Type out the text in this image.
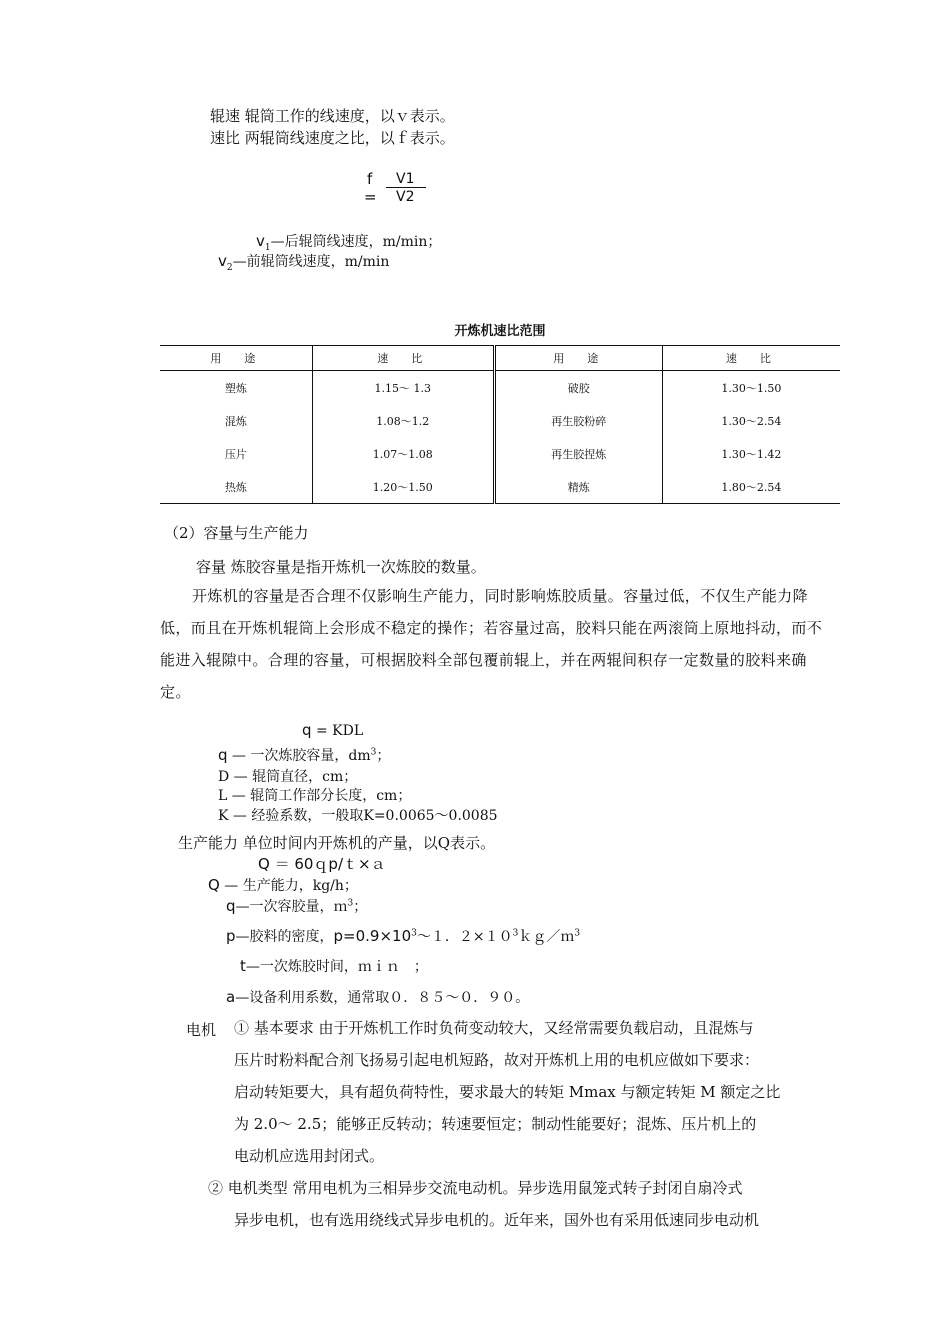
辊速 辊筒工作的线速度，以ｖ表示。
速比 两辊筒线速度之比，以ｆ表示。
f
=
V1
V2
$v_1—$后辊筒线速度，m/min；
$v_2—$前辊筒线速度，m/min
开炼机速比范围
用　途	速　比	用　途	速　比
塑炼	1.15～ 1.3	破胶	1.30～1.50
混炼	1.08～1.2	再生胶粉碎	1.30～2.54
压片	1.07～1.08	再生胶捏炼	1.30～1.42
热炼	1.20～1.50	精炼	1.80～2.54
（2）容量与生产能力
容量 炼胶容量是指开炼机一次炼胶的数量。

开炼机的容量是否合理不仅影响生产能力，同时影响炼胶质量。容量过低，不仅生产能力降低，而且在开炼机辊筒上会形成不稳定的操作；若容量过高，胶料只能在两滚筒上原地抖动，而不能进入辊隙中。合理的容量，可根据胶料全部包覆前辊上，并在两辊间积存一定数量的胶料来确定。

q = KDL
q — 一次炼胶容量，$dm^3$；
D — 辊筒直径，cm；
L — 辊筒工作部分长度，cm；
K — 经验系数，一般取K=0.0065～0.0085
生产能力 单位时间内开炼机的产量，以Q表示。
Q ＝ 60ｑp/ｔ×ａ
Q — 生产能力，kg/h；
q—一次容胶量，ｍ$^3$；
p—胶料的密度，$p=0.9\times 10^3\sim 1$．$2\times 10^3kg/m^3$
t—一次炼胶时间，ｍｉｎ　；
a—设备利用系数，通常取０．８５～０．９０。
电机 ① 基本要求 由于开炼机工作时负荷变动较大，又经常需要负载启动，且混炼与
压片时粉料配合剂飞扬易引起电机短路，故对开炼机上用的电机应做如下要求：
启动转矩要大，具有超负荷特性，要求最大的转矩 Mmax 与额定转矩 M 额定之比
为 2.0～ 2.5；能够正反转动；转速要恒定；制动性能要好；混炼、压片机上的
电动机应选用封闭式。
② 电机类型 常用电机为三相异步交流电动机。异步选用鼠笼式转子封闭自扇冷式
异步电机，也有选用绕线式异步电机的。近年来，国外也有采用低速同步电动机
